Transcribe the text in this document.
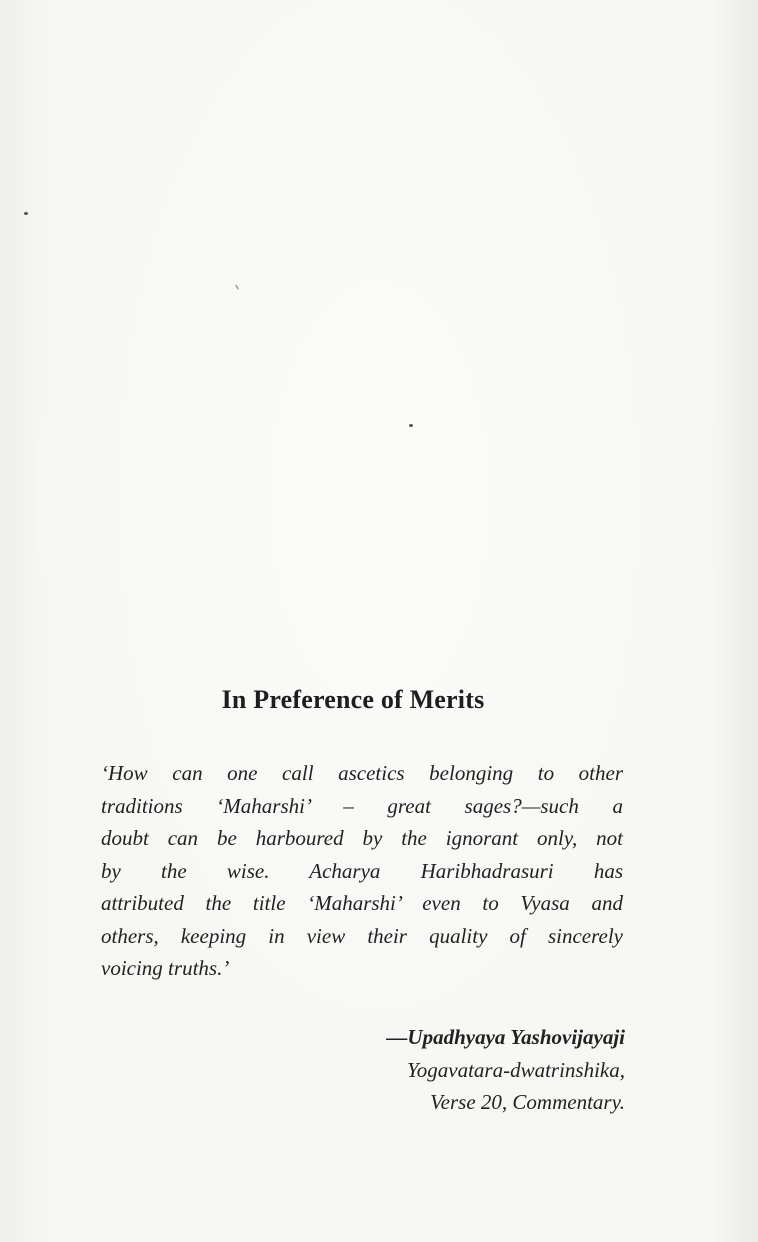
In Preference of Merits
‘How can one call ascetics belonging to other
traditions ‘Maharshi’ – great sages?—such a
doubt can be harboured by the ignorant only, not
by the wise. Acharya Haribhadrasuri has
attributed the title ‘Maharshi’ even to Vyasa and
others, keeping in view their quality of sincerely
voicing truths.’
—Upadhyaya Yashovijayaji
Yogavatara-dwatrinshika,
Verse 20, Commentary.
